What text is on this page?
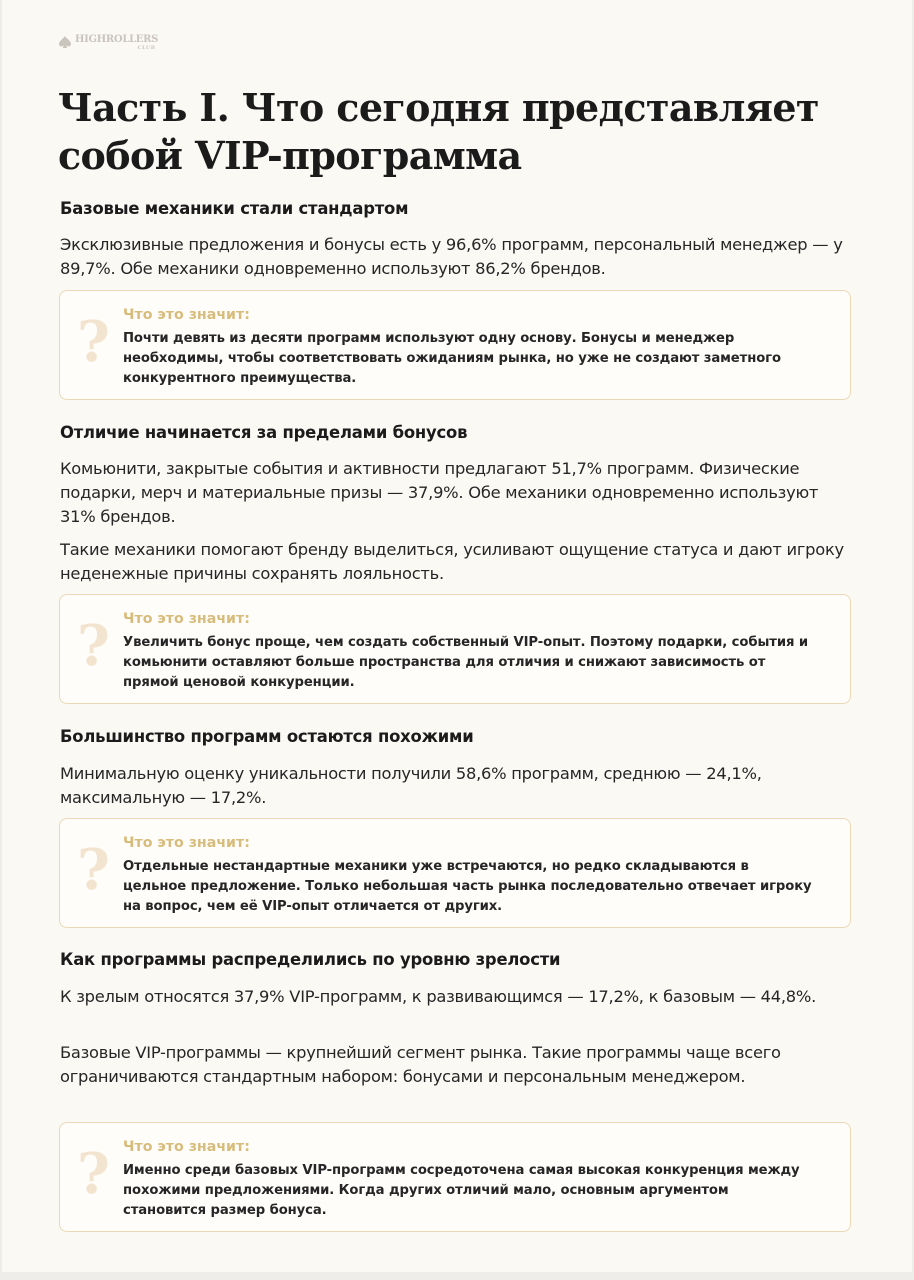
HIGHROLLERS
CLUB
Часть I. Что сегодня представляет собой VIP-программа
Базовые механики стали стандартом

Эксклюзивные предложения и бонусы есть у 96,6% программ, персональный менеджер — у 89,7%. Обе механики одновременно используют 86,2% брендов.

? Что это значит:

Почти девять из десяти программ используют одну основу. Бонусы и менеджер необходимы, чтобы соответствовать ожиданиям рынка, но уже не создают заметного конкурентного преимущества.

Отличие начинается за пределами бонусов

Комьюнити, закрытые события и активности предлагают 51,7% программ. Физические подарки, мерч и материальные призы — 37,9%. Обе механики одновременно используют 31% брендов.

Такие механики помогают бренду выделиться, усиливают ощущение статуса и дают игроку неденежные причины сохранять лояльность.

? Что это значит:

Увеличить бонус проще, чем создать собственный VIP-опыт. Поэтому подарки, события и комьюнити оставляют больше пространства для отличия и снижают зависимость от прямой ценовой конкуренции.

Большинство программ остаются похожими

Минимальную оценку уникальности получили 58,6% программ, среднюю — 24,1%, максимальную — 17,2%.

? Что это значит:

Отдельные нестандартные механики уже встречаются, но редко складываются в цельное предложение. Только небольшая часть рынка последовательно отвечает игроку на вопрос, чем её VIP-опыт отличается от других.

Как программы распределились по уровню зрелости

К зрелым относятся 37,9% VIP-программ, к развивающимся — 17,2%, к базовым — 44,8%.

Базовые VIP-программы — крупнейший сегмент рынка. Такие программы чаще всего ограничиваются стандартным набором: бонусами и персональным менеджером.

? Что это значит:

Именно среди базовых VIP-программ сосредоточена самая высокая конкуренция между похожими предложениями. Когда других отличий мало, основным аргументом становится размер бонуса.
